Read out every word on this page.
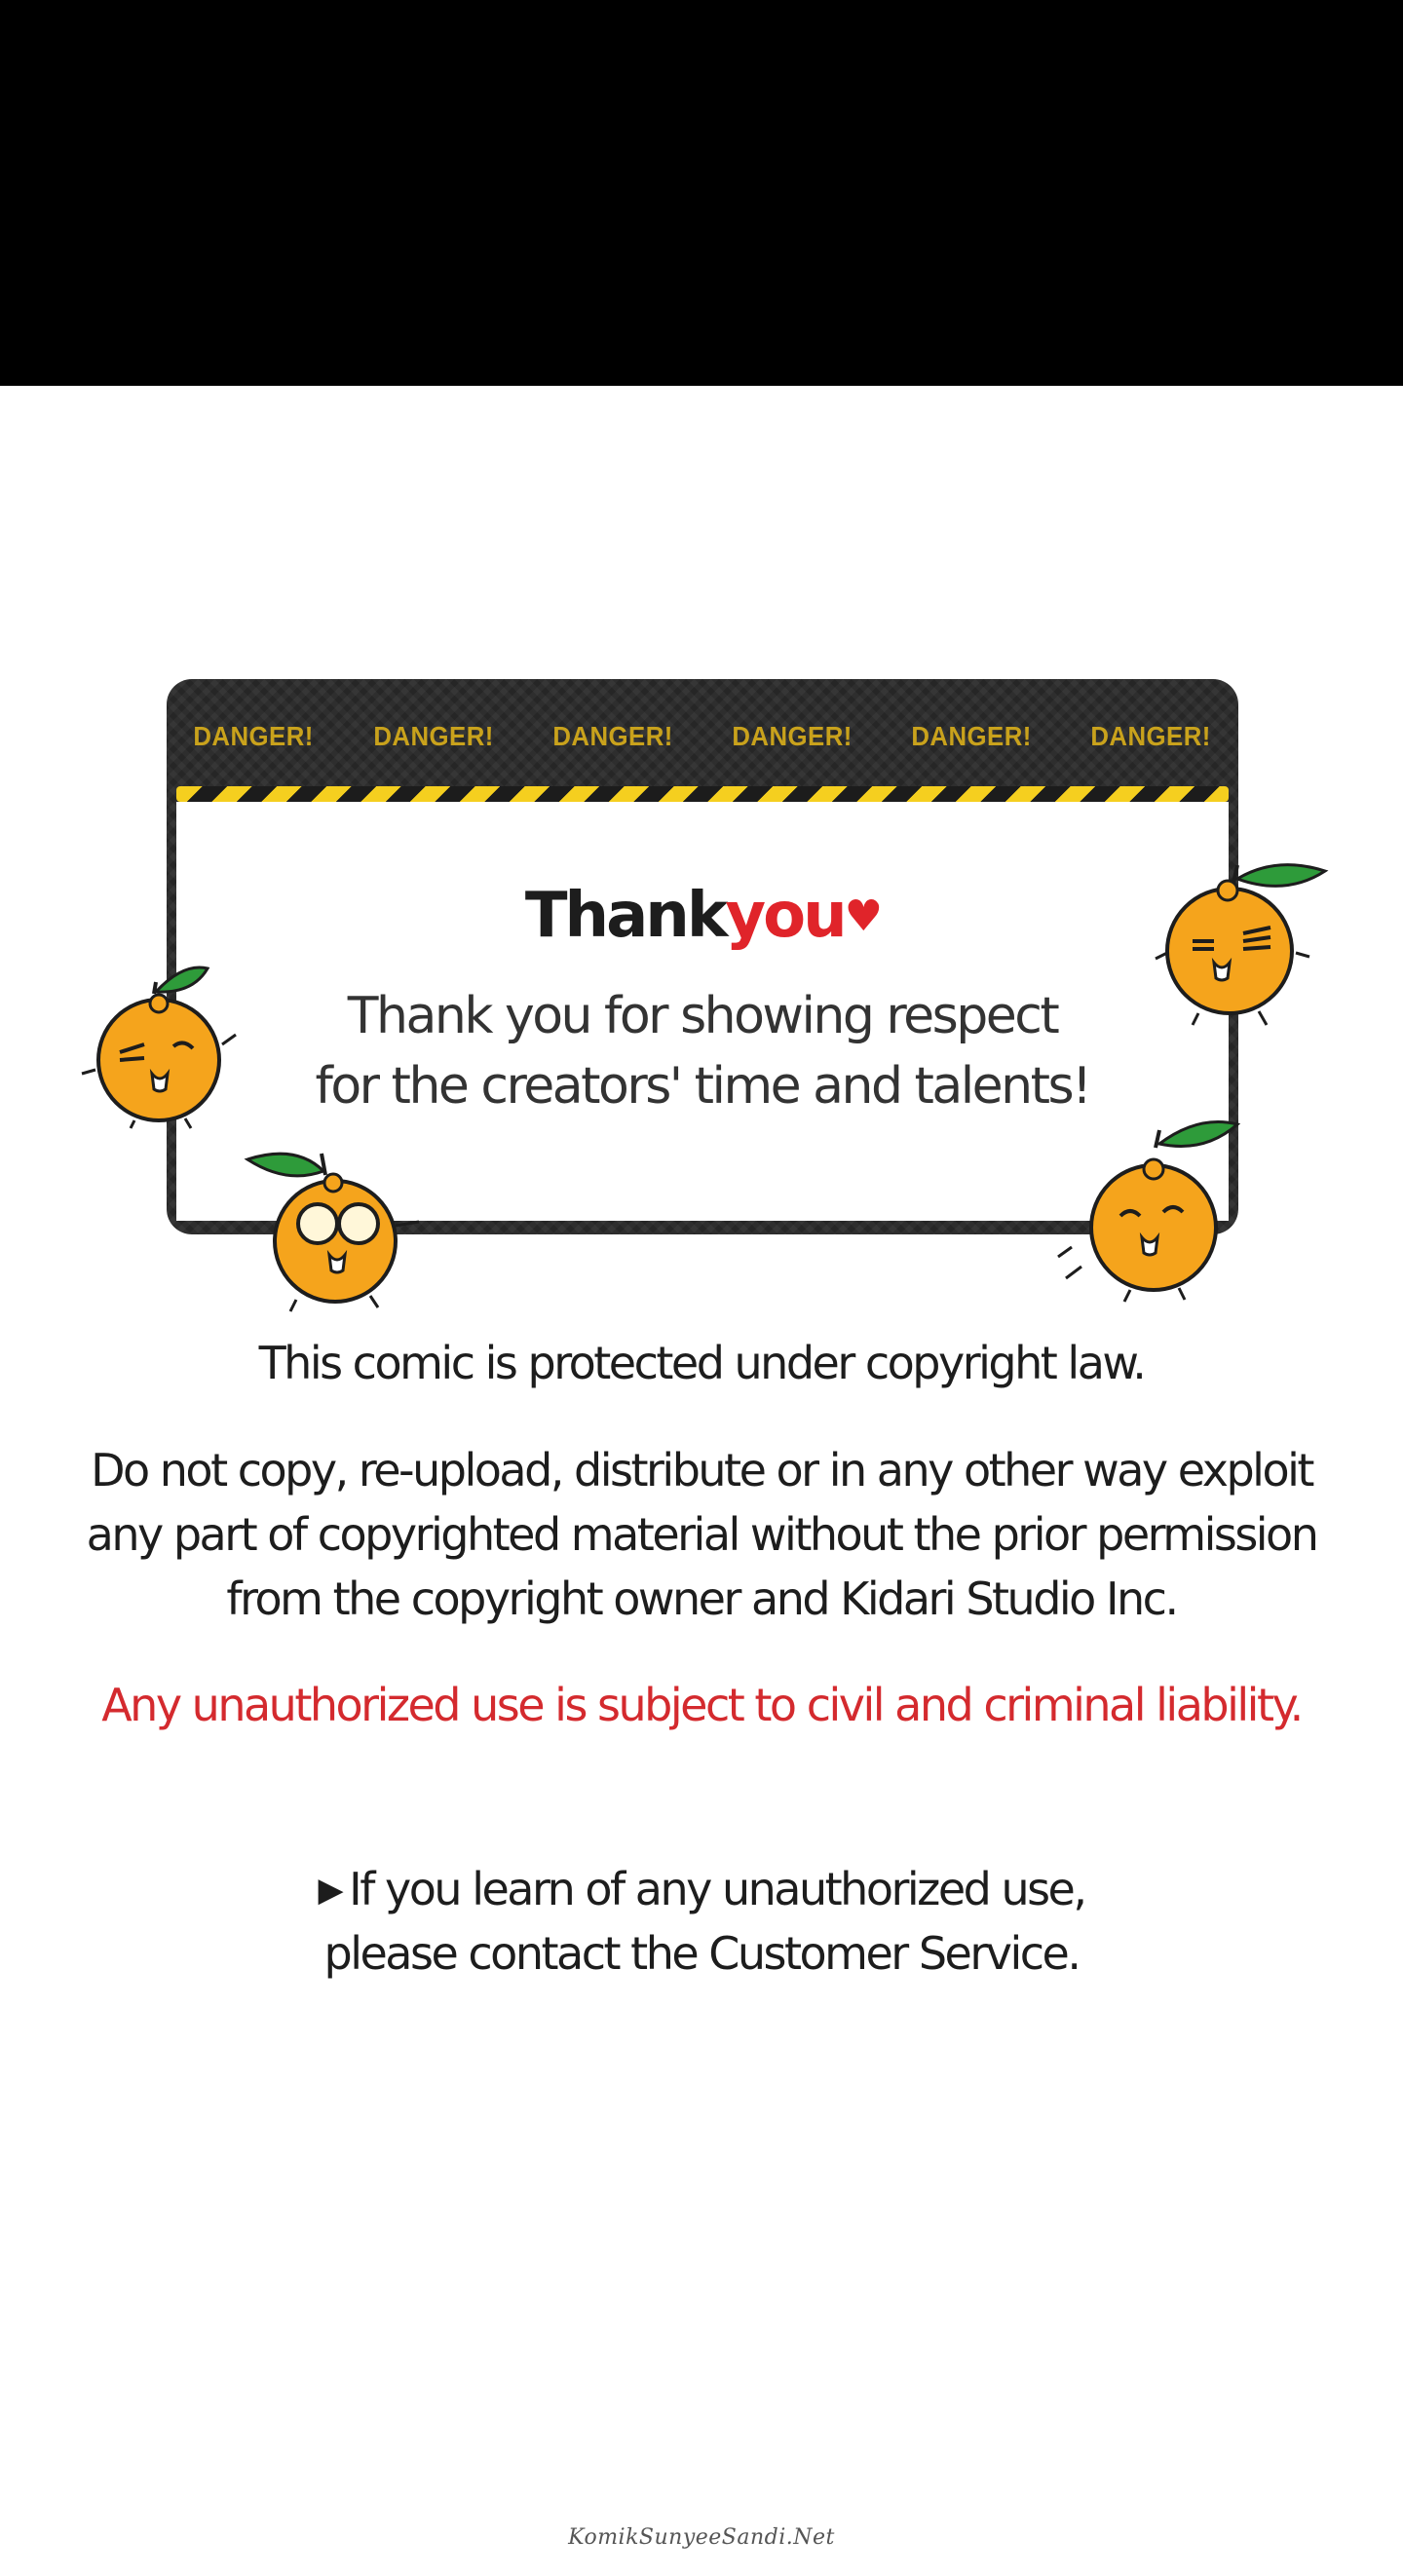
DANGER! DANGER! DANGER! DANGER! DANGER! DANGER!
Thankyou♥
Thank you for showing respect
for the creators' time and talents!
This comic is protected under copyright law.
Do not copy, re-upload, distribute or in any other way exploit
any part of copyrighted material without the prior permission
from the copyright owner and Kidari Studio Inc.
Any unauthorized use is subject to civil and criminal liability.
▶ If you learn of any unauthorized use,
please contact the Customer Service.
KomikSunyeeSandi.Net
